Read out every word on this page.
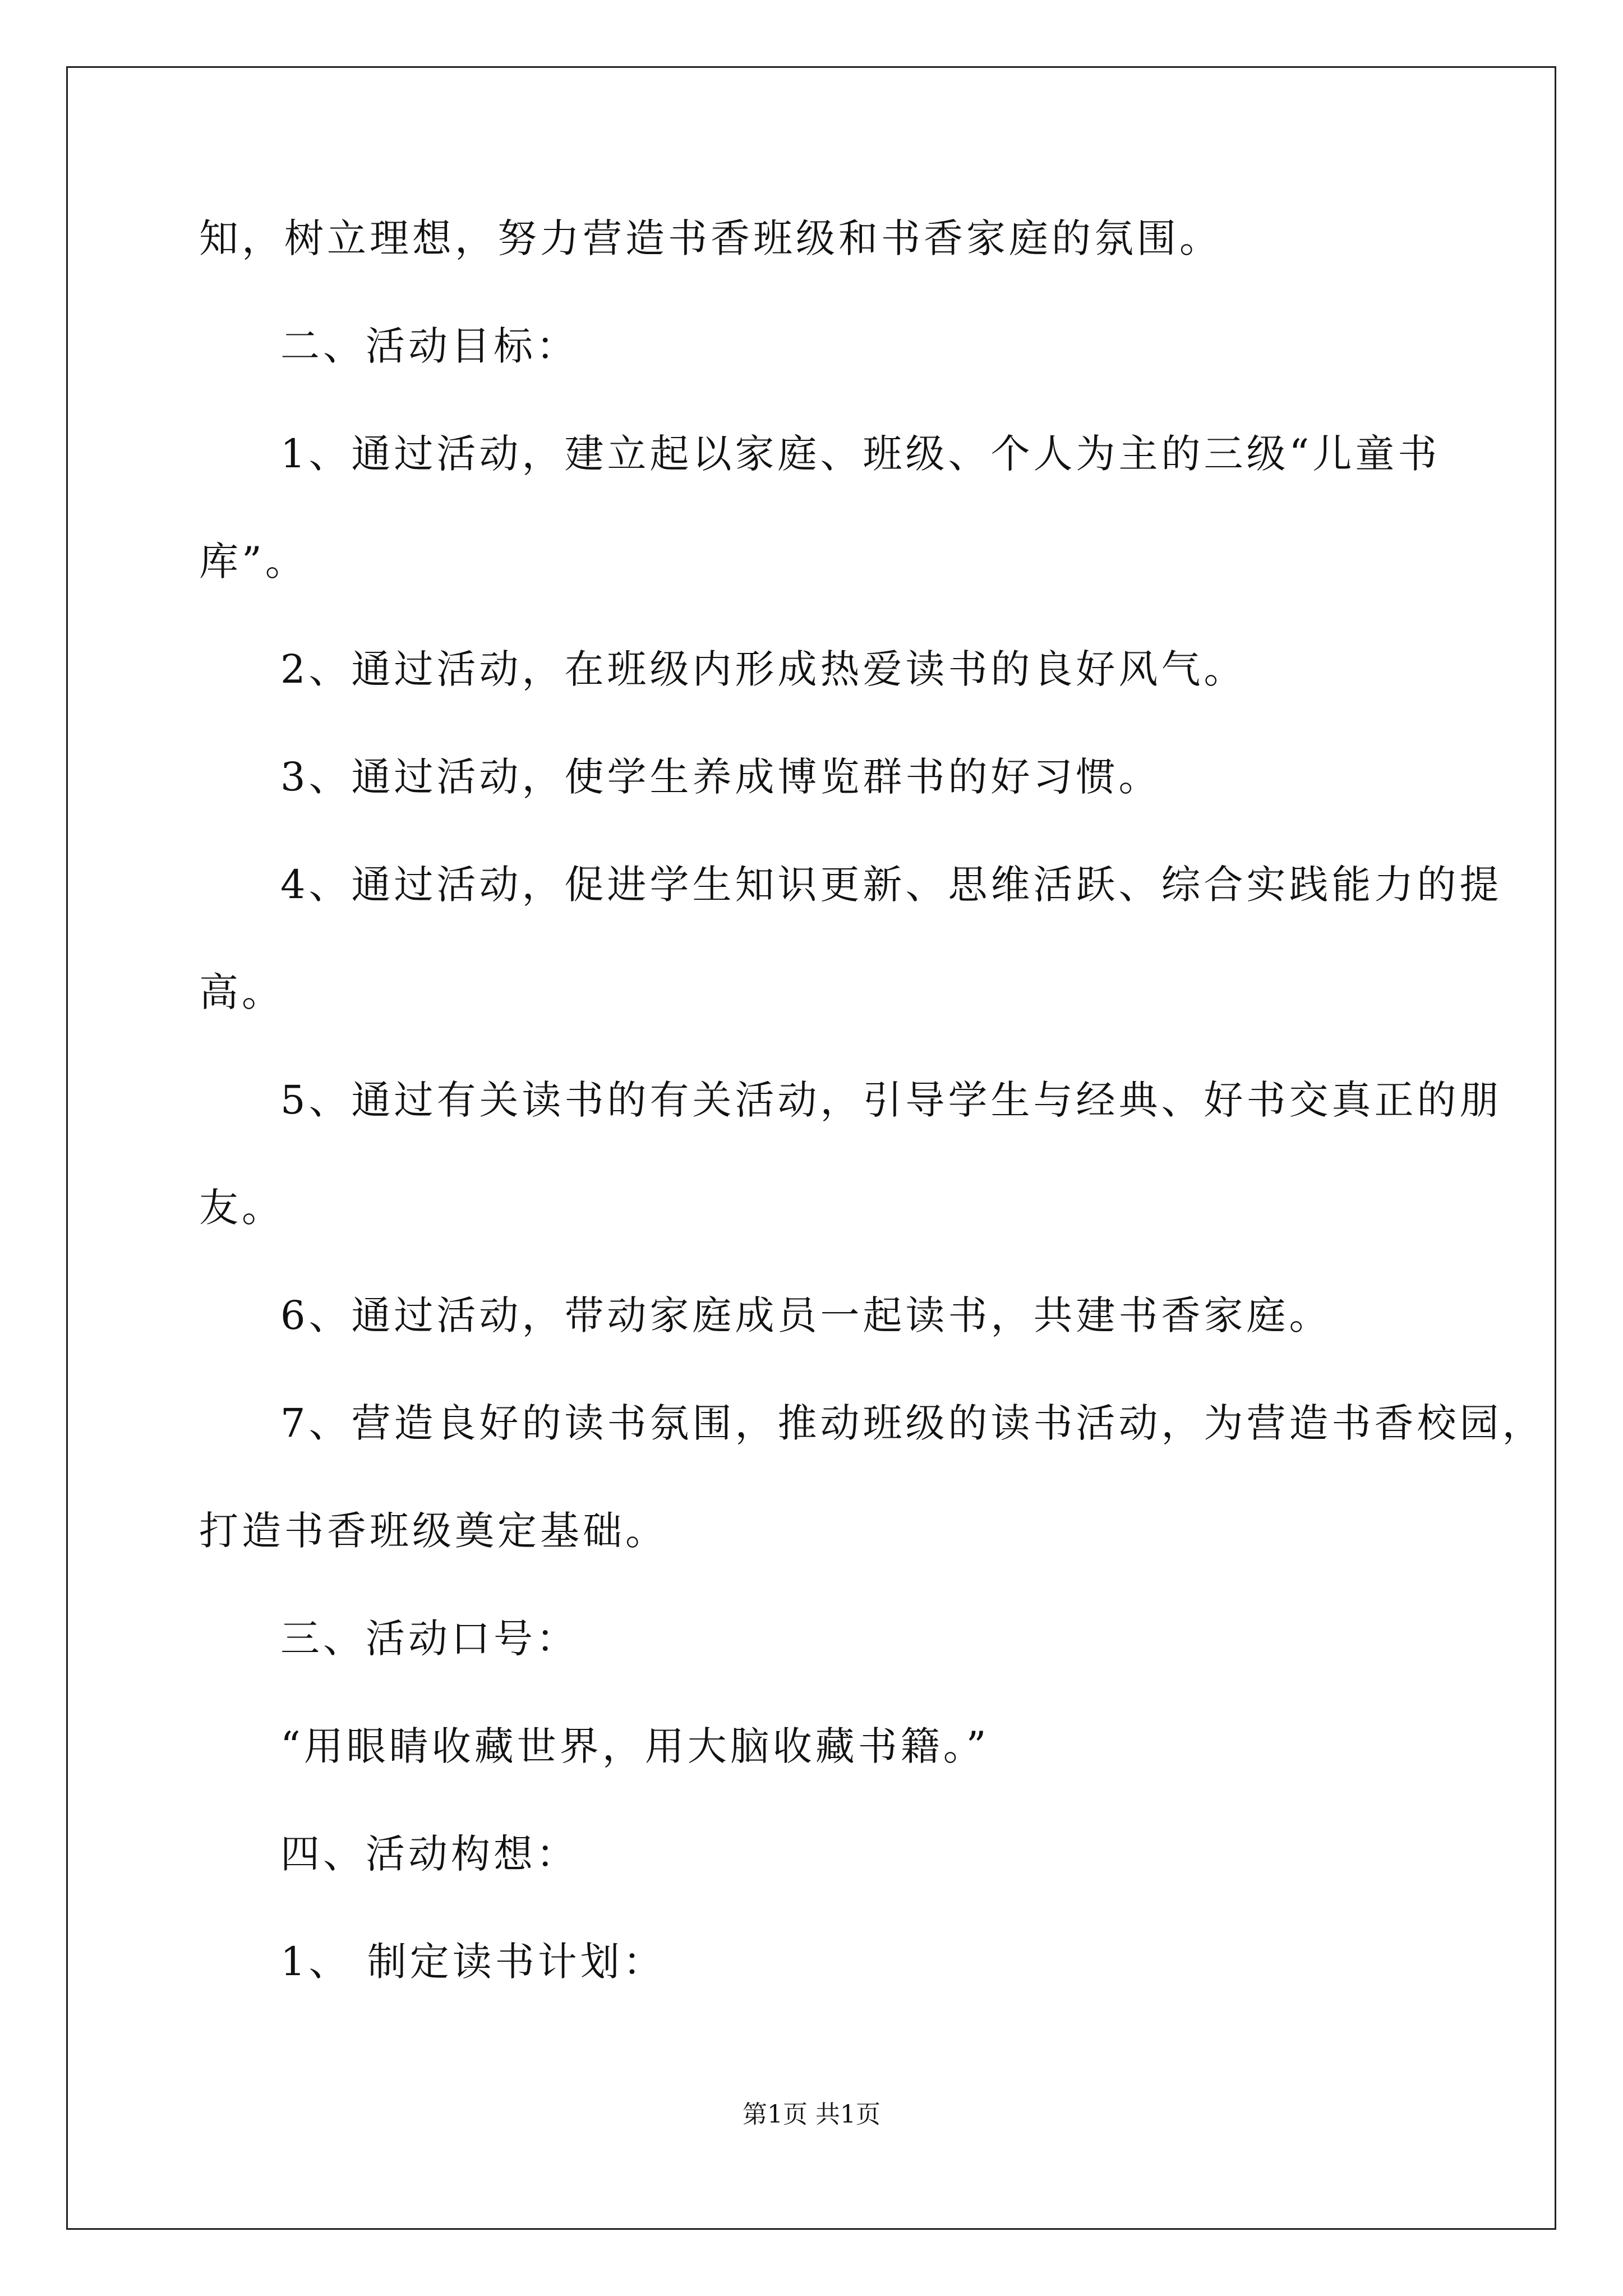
知，树立理想，努力营造书香班级和书香家庭的氛围。
二、活动目标：
1、通过活动，建立起以家庭、班级、个人为主的三级“儿童书
库”。
2、通过活动，在班级内形成热爱读书的良好风气。
3、通过活动，使学生养成博览群书的好习惯。
4、通过活动，促进学生知识更新、思维活跃、综合实践能力的提
高。
5、通过有关读书的有关活动，引导学生与经典、好书交真正的朋
友。
6、通过活动，带动家庭成员一起读书，共建书香家庭。
7、营造良好的读书氛围，推动班级的读书活动，为营造书香校园，
打造书香班级奠定基础。
三、活动口号：
“用眼睛收藏世界，用大脑收藏书籍。”
四、活动构想：
1、 制定读书计划：
第1页 共1页
